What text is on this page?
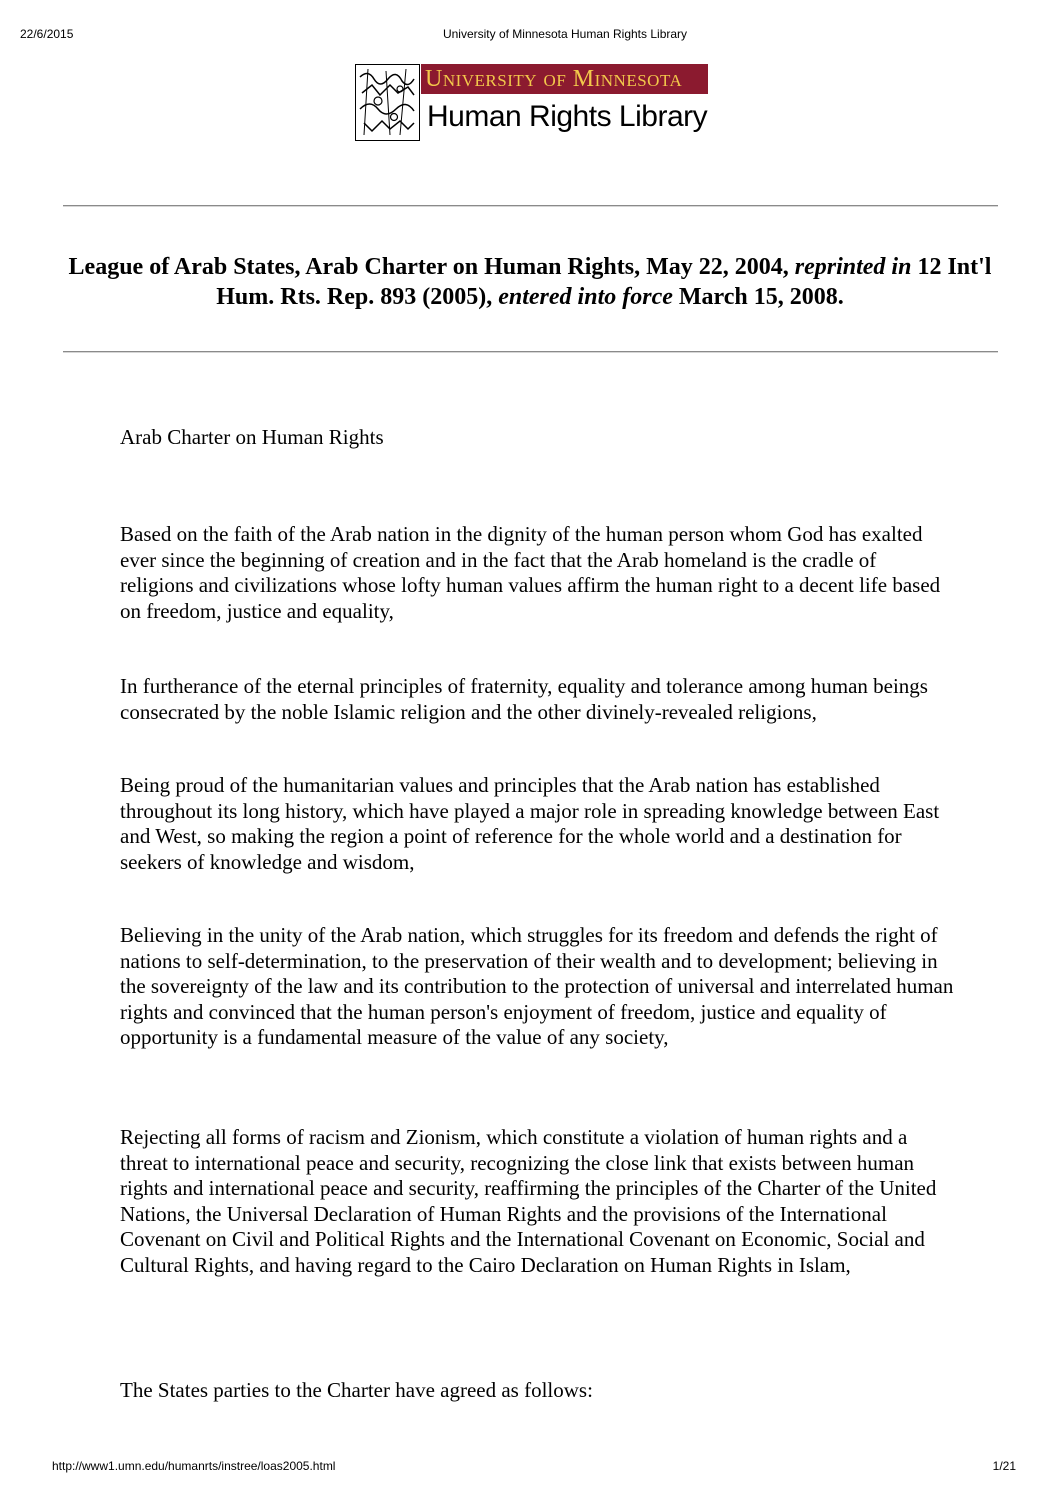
22/6/2015	University of Minnesota Human Rights Library
University of Minnesota
Human Rights Library
League of Arab States, Arab Charter on Human Rights, May 22, 2004, reprinted in 12 Int'l Hum. Rts. Rep. 893 (2005), entered into force March 15, 2008.

Arab Charter on Human Rights

Based on the faith of the Arab nation in the dignity of the human person whom God has exalted ever since the beginning of creation and in the fact that the Arab homeland is the cradle of religions and civilizations whose lofty human values affirm the human right to a decent life based on freedom, justice and equality,

In furtherance of the eternal principles of fraternity, equality and tolerance among human beings consecrated by the noble Islamic religion and the other divinely-revealed religions,

Being proud of the humanitarian values and principles that the Arab nation has established throughout its long history, which have played a major role in spreading knowledge between East and West, so making the region a point of reference for the whole world and a destination for seekers of knowledge and wisdom,

Believing in the unity of the Arab nation, which struggles for its freedom and defends the right of nations to self-determination, to the preservation of their wealth and to development; believing in the sovereignty of the law and its contribution to the protection of universal and interrelated human rights and convinced that the human person's enjoyment of freedom, justice and equality of opportunity is a fundamental measure of the value of any society,

Rejecting all forms of racism and Zionism, which constitute a violation of human rights and a threat to international peace and security, recognizing the close link that exists between human rights and international peace and security, reaffirming the principles of the Charter of the United Nations, the Universal Declaration of Human Rights and the provisions of the International Covenant on Civil and Political Rights and the International Covenant on Economic, Social and Cultural Rights, and having regard to the Cairo Declaration on Human Rights in Islam,

The States parties to the Charter have agreed as follows:

http://www1.umn.edu/humanrts/instree/loas2005.html	1/21
